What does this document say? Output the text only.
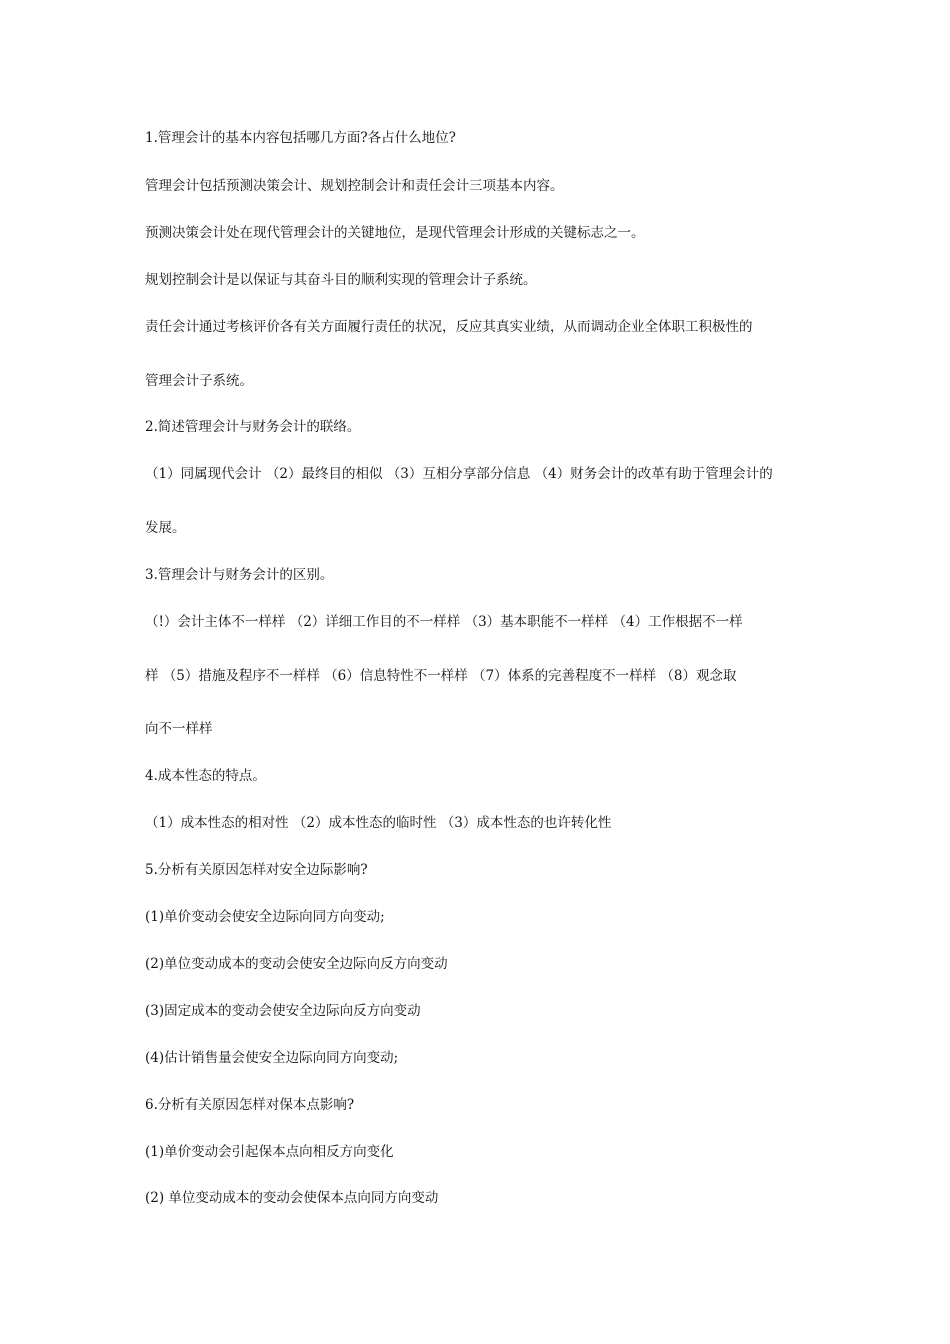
1.管理会计的基本内容包括哪几方面?各占什么地位?

管理会计包括预测决策会计、规划控制会计和责任会计三项基本内容。

预测决策会计处在现代管理会计的关键地位，是现代管理会计形成的关键标志之一。

规划控制会计是以保证与其奋斗目的顺利实现的管理会计子系统。

责任会计通过考核评价各有关方面履行责任的状况，反应其真实业绩，从而调动企业全体职工积极性的

管理会计子系统。

2.简述管理会计与财务会计的联络。

（1）同属现代会计 （2）最终目的相似 （3）互相分享部分信息 （4）财务会计的改革有助于管理会计的

发展。

3.管理会计与财务会计的区别。

（!）会计主体不一样样 （2）详细工作目的不一样样 （3）基本职能不一样样 （4）工作根据不一样

样 （5）措施及程序不一样样 （6）信息特性不一样样 （7）体系的完善程度不一样样 （8）观念取

向不一样样

4.成本性态的特点。

（1）成本性态的相对性 （2）成本性态的临时性 （3）成本性态的也许转化性

5.分析有关原因怎样对安全边际影响?

(1)单价变动会使安全边际向同方向变动;

(2)单位变动成本的变动会使安全边际向反方向变动

(3)固定成本的变动会使安全边际向反方向变动

(4)估计销售量会使安全边际向同方向变动;

6.分析有关原因怎样对保本点影响?

(1)单价变动会引起保本点向相反方向变化

(2) 单位变动成本的变动会使保本点向同方向变动
